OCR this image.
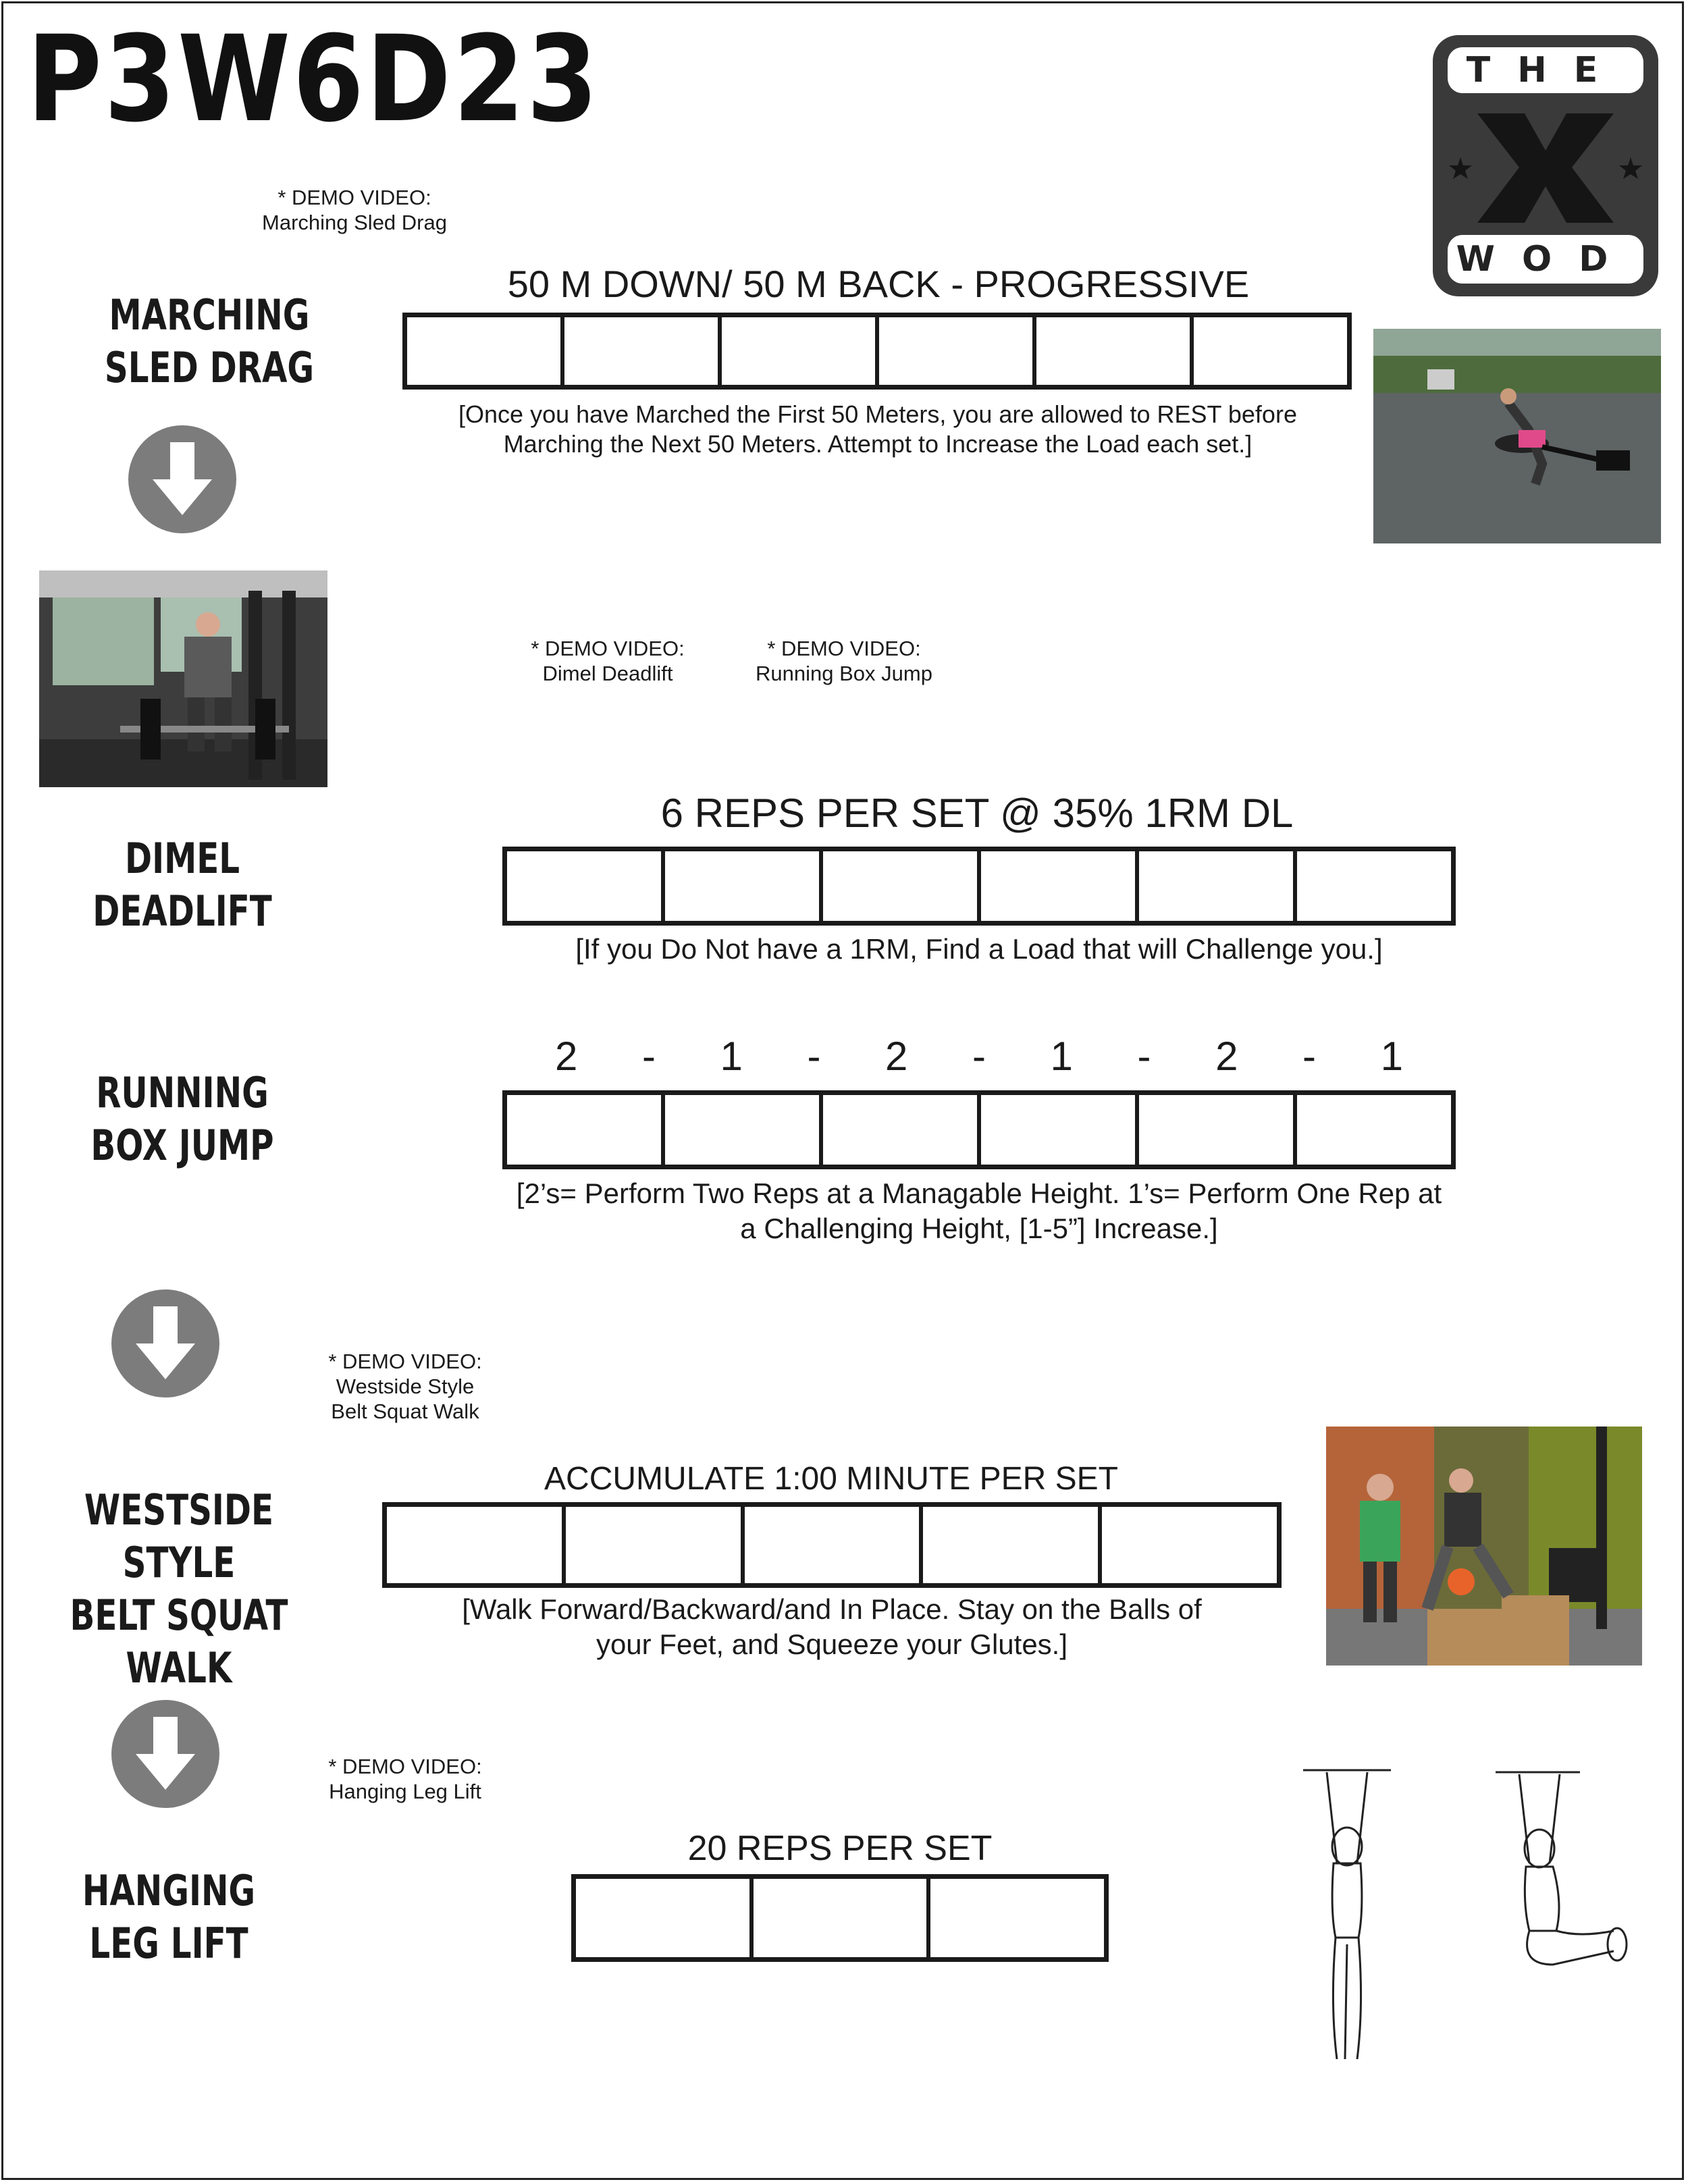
P3W6D23	THE
WOD
* DEMO VIDEO:
Marching Sled Drag
MARCHING
SLED DRAG
50 M DOWN/ 50 M BACK - PROGRESSIVE
[Once you have Marched the First 50 Meters, you are allowed to REST before
Marching the Next 50 Meters. Attempt to Increase the Load each set.]
* DEMO VIDEO:
Dimel Deadlift
* DEMO VIDEO:
Running Box Jump
DIMEL
DEADLIFT
6 REPS PER SET @ 35% 1RM DL
[If you Do Not have a 1RM, Find a Load that will Challenge you.]
RUNNING
BOX JUMP
2 - 1 - 2 - 1 - 2 - 1
[2’s= Perform Two Reps at a Managable Height. 1’s= Perform One Rep at
a Challenging Height, [1-5”] Increase.]
* DEMO VIDEO:
Westside Style
Belt Squat Walk
WESTSIDE STYLE
BELT SQUAT WALK
ACCUMULATE 1:00 MINUTE PER SET
[Walk Forward/Backward/and In Place. Stay on the Balls of
your Feet, and Squeeze your Glutes.]
* DEMO VIDEO:
Hanging Leg Lift
HANGING
LEG LIFT
20 REPS PER SET
